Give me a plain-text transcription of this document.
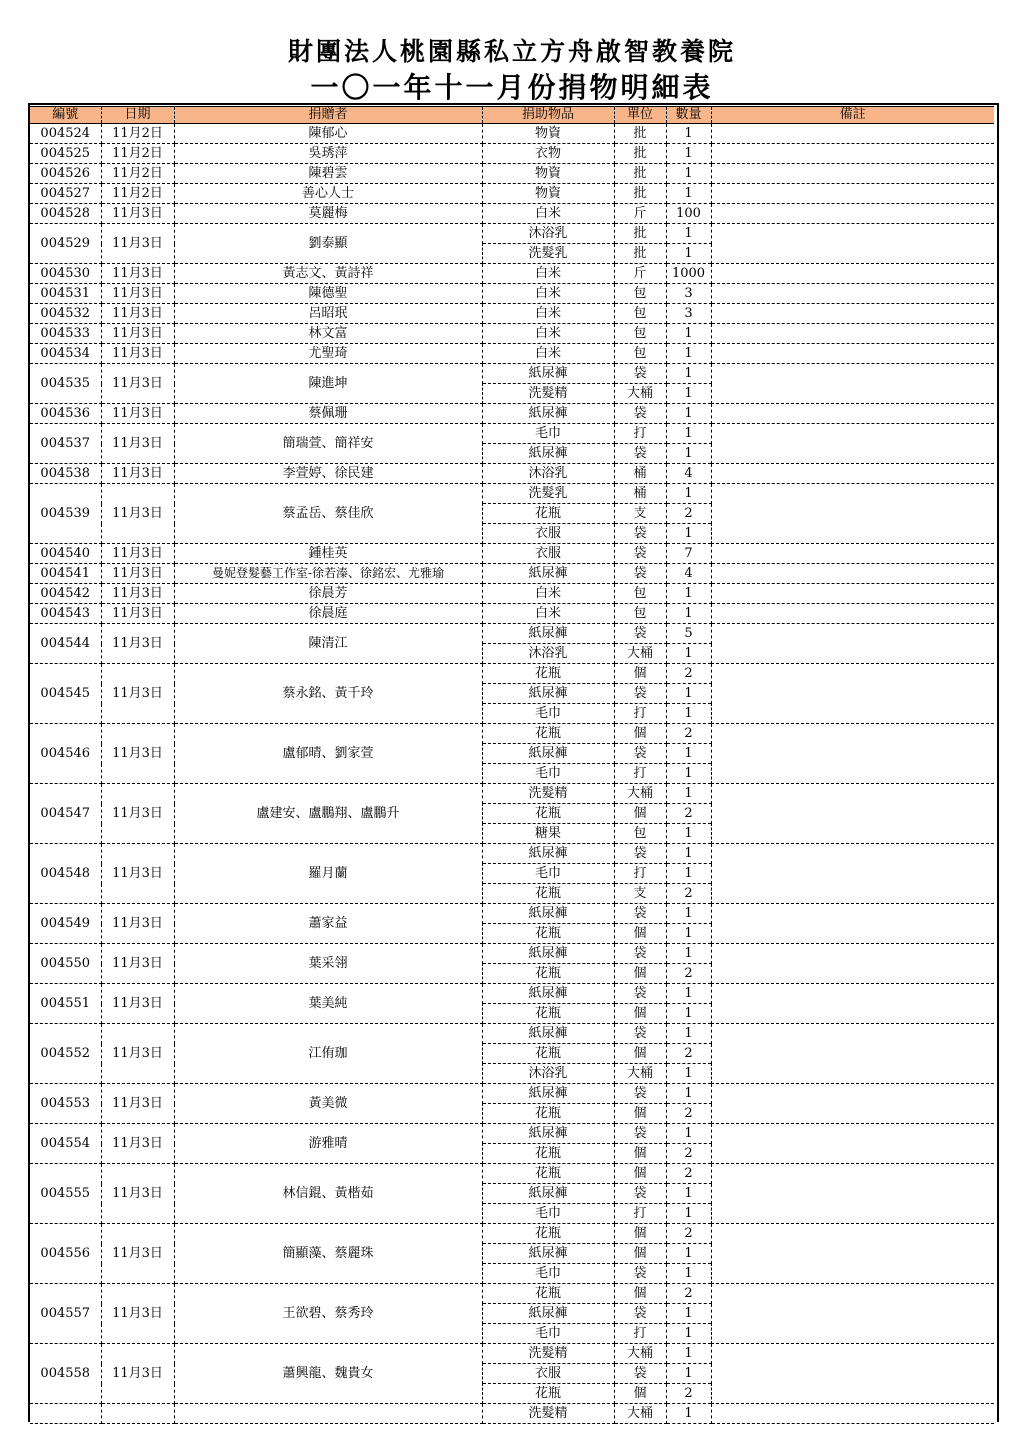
財團法人桃園縣私立方舟啟智教養院
一〇一年十一月份捐物明細表
編號	日期	捐贈者	捐助物品	單位	數量	備註
004524	11月2日	陳郁心	物資	批	1	
004525	11月2日	吳琇萍	衣物	批	1	
004526	11月2日	陳碧雲	物資	批	1	
004527	11月2日	善心人士	物資	批	1	
004528	11月3日	莫麗梅	白米	斤	100	
004529	11月3日	劉泰顯	沐浴乳	批	1	
			洗髮乳	批	1	
004530	11月3日	黃志文、黃詩祥	白米	斤	1000	
004531	11月3日	陳德聖	白米	包	3	
004532	11月3日	呂昭珉	白米	包	3	
004533	11月3日	林文富	白米	包	1	
004534	11月3日	尤聖琦	白米	包	1	
004535	11月3日	陳進坤	紙尿褲	袋	1	
			洗髮精	大桶	1	
004536	11月3日	蔡佩珊	紙尿褲	袋	1	
004537	11月3日	簡瑞萱、簡祥安	毛巾	打	1	
			紙尿褲	袋	1	
004538	11月3日	李萱婷、徐民建	沐浴乳	桶	4	
004539	11月3日	蔡孟岳、蔡佳欣	洗髮乳	桶	1	
			花瓶	支	2	
			衣服	袋	1	
004540	11月3日	鍾桂英	衣服	袋	7	
004541	11月3日	曼妮登髮藝工作室-徐若溱、徐銘宏、尤雅瑜	紙尿褲	袋	4	
004542	11月3日	徐晨芳	白米	包	1	
004543	11月3日	徐晨庭	白米	包	1	
004544	11月3日	陳清江	紙尿褲	袋	5	
			沐浴乳	大桶	1	
004545	11月3日	蔡永銘、黃千玲	花瓶	個	2	
			紙尿褲	袋	1	
			毛巾	打	1	
004546	11月3日	盧郁晴、劉家萱	花瓶	個	2	
			紙尿褲	袋	1	
			毛巾	打	1	
004547	11月3日	盧建安、盧鵬翔、盧鵬升	洗髮精	大桶	1	
			花瓶	個	2	
			糖果	包	1	
004548	11月3日	羅月蘭	紙尿褲	袋	1	
			毛巾	打	1	
			花瓶	支	2	
004549	11月3日	蕭家益	紙尿褲	袋	1	
			花瓶	個	1	
004550	11月3日	葉采翎	紙尿褲	袋	1	
			花瓶	個	2	
004551	11月3日	葉美純	紙尿褲	袋	1	
			花瓶	個	1	
004552	11月3日	江侑珈	紙尿褲	袋	1	
			花瓶	個	2	
			沐浴乳	大桶	1	
004553	11月3日	黃美微	紙尿褲	袋	1	
			花瓶	個	2	
004554	11月3日	游雅晴	紙尿褲	袋	1	
			花瓶	個	2	
004555	11月3日	林信錕、黃楷茹	花瓶	個	2	
			紙尿褲	袋	1	
			毛巾	打	1	
004556	11月3日	簡顯藻、蔡麗珠	花瓶	個	2	
			紙尿褲	個	1	
			毛巾	袋	1	
004557	11月3日	王欲碧、蔡秀玲	花瓶	個	2	
			紙尿褲	袋	1	
			毛巾	打	1	
004558	11月3日	蕭興龍、魏貴女	洗髮精	大桶	1	
			衣服	袋	1	
			花瓶	個	2	
			洗髮精	大桶	1	
